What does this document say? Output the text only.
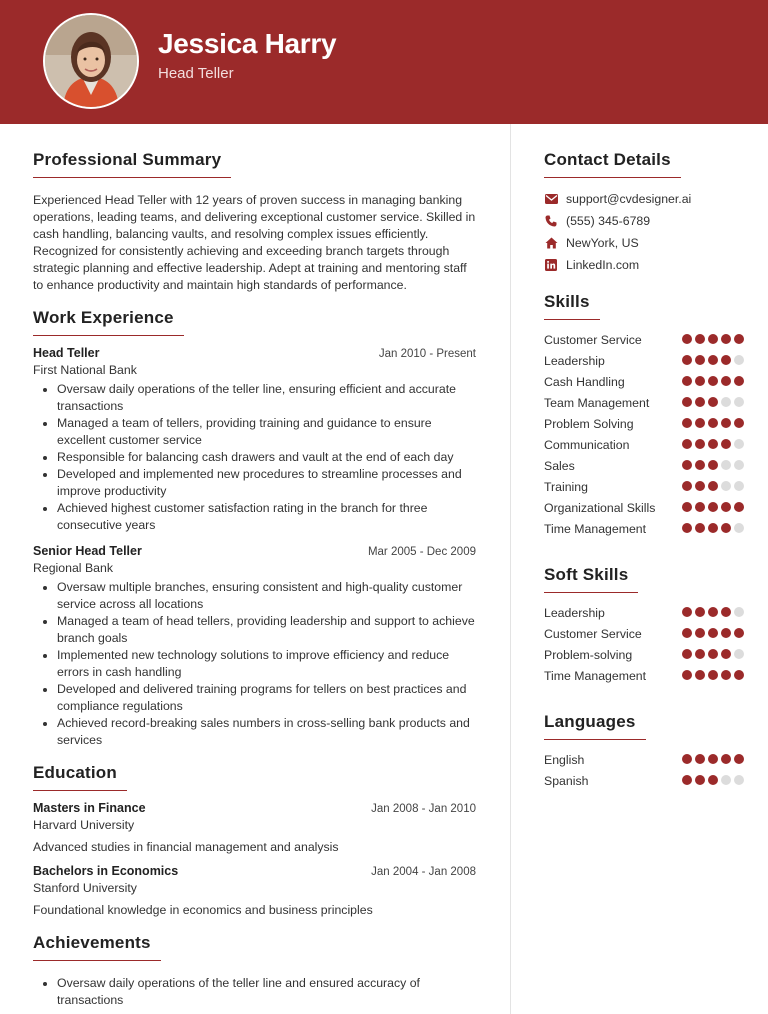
Jessica Harry
Head Teller
Professional Summary

Experienced Head Teller with 12 years of proven success in managing banking operations, leading teams, and delivering exceptional customer service. Skilled in cash handling, balancing vaults, and resolving complex issues efficiently. Recognized for consistently achieving and exceeding branch targets through strategic planning and effective leadership. Adept at training and mentoring staff to enhance productivity and maintain high standards of performance.

Work Experience
Head Teller	Jan 2010 - Present
First National Bank
• Oversaw daily operations of the teller line, ensuring efficient and accurate transactions
• Managed a team of tellers, providing training and guidance to ensure excellent customer service
• Responsible for balancing cash drawers and vault at the end of each day
• Developed and implemented new procedures to streamline processes and improve productivity
• Achieved highest customer satisfaction rating in the branch for three consecutive years
Senior Head Teller	Mar 2005 - Dec 2009
Regional Bank
• Oversaw multiple branches, ensuring consistent and high-quality customer service across all locations
• Managed a team of head tellers, providing leadership and support to achieve branch goals
• Implemented new technology solutions to improve efficiency and reduce errors in cash handling
• Developed and delivered training programs for tellers on best practices and compliance regulations
• Achieved record-breaking sales numbers in cross-selling bank products and services
Education
Masters in Finance	Jan 2008 - Jan 2010
Harvard University
Advanced studies in financial management and analysis
Bachelors in Economics	Jan 2004 - Jan 2008
Stanford University
Foundational knowledge in economics and business principles
Achievements
• Oversaw daily operations of the teller line and ensured accuracy of transactions
Contact Details
support@cvdesigner.ai
(555) 345-6789
NewYork, US
LinkedIn.com
Skills
Customer Service
Leadership
Cash Handling
Team Management
Problem Solving
Communication
Sales
Training
Organizational Skills
Time Management
Soft Skills
Leadership
Customer Service
Problem-solving
Time Management
Languages
English
Spanish
